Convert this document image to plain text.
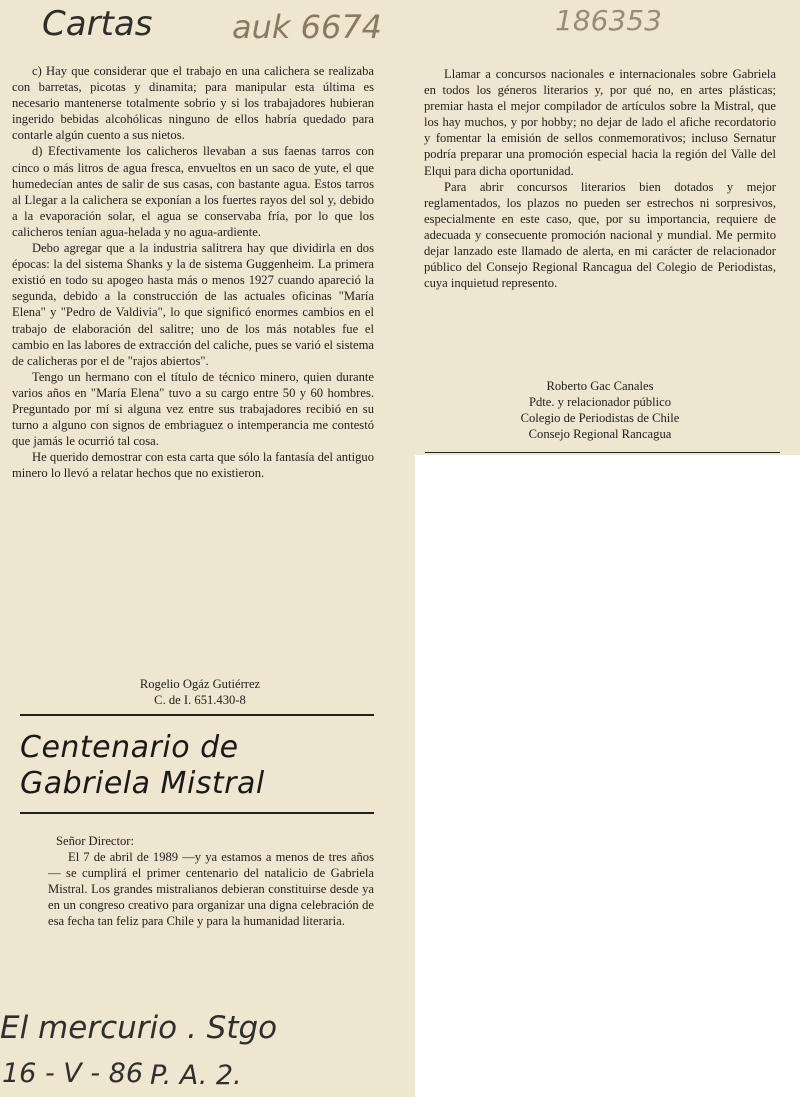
Cartas auk 6674	186353

c) Hay que considerar que el trabajo en una calichera se realizaba con barretas, picotas y dinamita; para manipular esta última es necesario mantenerse totalmente sobrio y si los trabajadores hubieran ingerido bebidas alcohólicas ninguno de ellos habría quedado para contarle algún cuento a sus nietos.

d) Efectivamente los calicheros llevaban a sus faenas tarros con cinco o más litros de agua fresca, envueltos en un saco de yute, el que humedecían antes de salir de sus casas, con bastante agua. Estos tarros al Llegar a la calichera se exponían a los fuertes rayos del sol y, debido a la evaporación solar, el agua se conservaba fría, por lo que los calicheros tenían agua-helada y no agua-ardiente.

Debo agregar que a la industria salitrera hay que dividirla en dos épocas: la del sistema Shanks y la de sistema Guggenheim. La primera existió en todo su apogeo hasta más o menos 1927 cuando apareció la segunda, debido a la construcción de las actuales oficinas "María Elena" y "Pedro de Valdivia", lo que significó enormes cambios en el trabajo de elaboración del salitre; uno de los más notables fue el cambio en las labores de extracción del caliche, pues se varió el sistema de calicheras por el de "rajos abiertos".

Tengo un hermano con el título de técnico minero, quien durante varios años en "María Elena" tuvo a su cargo entre 50 y 60 hombres. Preguntado por mí si alguna vez entre sus trabajadores recibió en su turno a alguno con signos de embriaguez o intemperancia me contestó que jamás le ocurrió tal cosa.

He querido demostrar con esta carta que sólo la fantasía del antiguo minero lo llevó a relatar hechos que no existieron.

Rogelio Ogáz Gutiérrez
C. de I. 651.430-8
Centenario de
Gabriela Mistral

Señor Director:

El 7 de abril de 1989 —y ya estamos a menos de tres años— se cumplirá el primer centenario del natalicio de Gabriela Mistral. Los grandes mistralianos debieran constituirse desde ya en un congreso creativo para organizar una digna celebración de esa fecha tan feliz para Chile y para la humanidad literaria.

El mercurio . Stgo
16 - V - 86 P. A. 2.

Llamar a concursos nacionales e internacionales sobre Gabriela en todos los géneros literarios y, por qué no, en artes plásticas; premiar hasta el mejor compilador de artículos sobre la Mistral, que los hay muchos, y por hobby; no dejar de lado el afiche recordatorio y fomentar la emisión de sellos conmemorativos; incluso Sernatur podría preparar una promoción especial hacia la región del Valle del Elqui para dicha oportunidad.

Para abrir concursos literarios bien dotados y mejor reglamentados, los plazos no pueden ser estrechos ni sorpresivos, especialmente en este caso, que, por su importancia, requiere de adecuada y consecuente promoción nacional y mundial. Me permito dejar lanzado este llamado de alerta, en mi carácter de relacionador público del Consejo Regional Rancagua del Colegio de Periodistas, cuya inquietud represento.

Roberto Gac Canales
Pdte. y relacionador público
Colegio de Periodistas de Chile
Consejo Regional Rancagua
